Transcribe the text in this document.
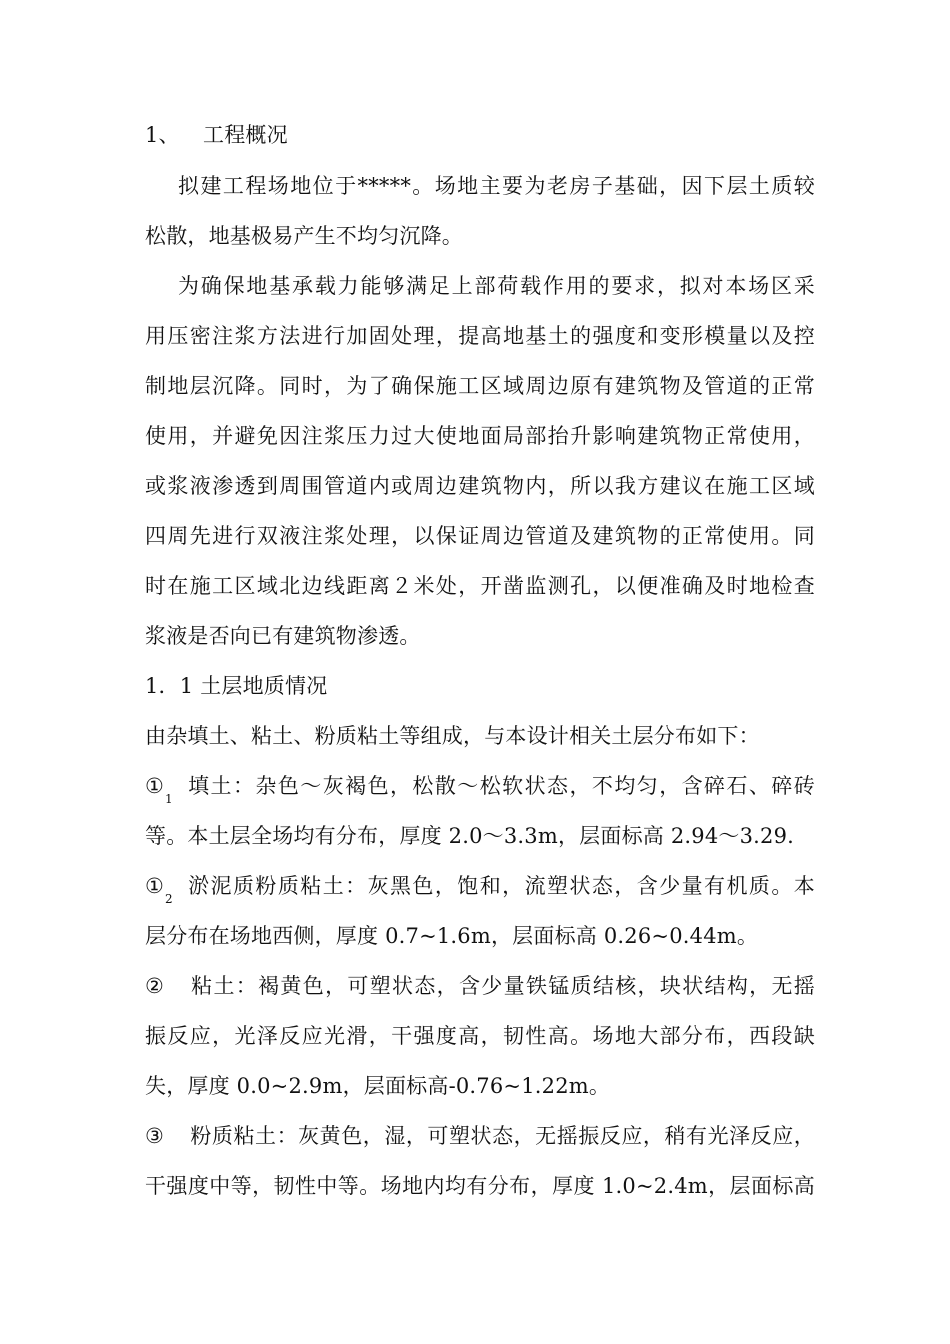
1、 工程概况
拟建工程场地位于*****。场地主要为老房子基础，因下层土质较
松散，地基极易产生不均匀沉降。
为确保地基承载力能够满足上部荷载作用的要求，拟对本场区采
用压密注浆方法进行加固处理，提高地基土的强度和变形模量以及控
制地层沉降。同时，为了确保施工区域周边原有建筑物及管道的正常
使用，并避免因注浆压力过大使地面局部抬升影响建筑物正常使用，
或浆液渗透到周围管道内或周边建筑物内，所以我方建议在施工区域
四周先进行双液注浆处理，以保证周边管道及建筑物的正常使用。同
时在施工区域北边线距离２米处，开凿监测孔，以便准确及时地检查
浆液是否向已有建筑物渗透。
1．1 土层地质情况
由杂填土、粘土、粉质粘土等组成，与本设计相关土层分布如下：
$①_1$填土：杂色～灰褐色，松散～松软状态，不均匀，含碎石、碎砖
等。本土层全场均有分布，厚度 2.0～3.3m，层面标高 2.94～3.29.
$①_2$淤泥质粉质粘土：灰黑色，饱和，流塑状态，含少量有机质。本
层分布在场地西侧，厚度 0.7~1.6m，层面标高 0.26~0.44m。
② 粘土：褐黄色，可塑状态，含少量铁锰质结核，块状结构，无摇
振反应，光泽反应光滑，干强度高，韧性高。场地大部分布，西段缺
失，厚度 0.0~2.9m，层面标高-0.76~1.22m。
③ 粉质粘土：灰黄色，湿，可塑状态，无摇振反应，稍有光泽反应，
干强度中等，韧性中等。场地内均有分布，厚度 1.0~2.4m，层面标高
